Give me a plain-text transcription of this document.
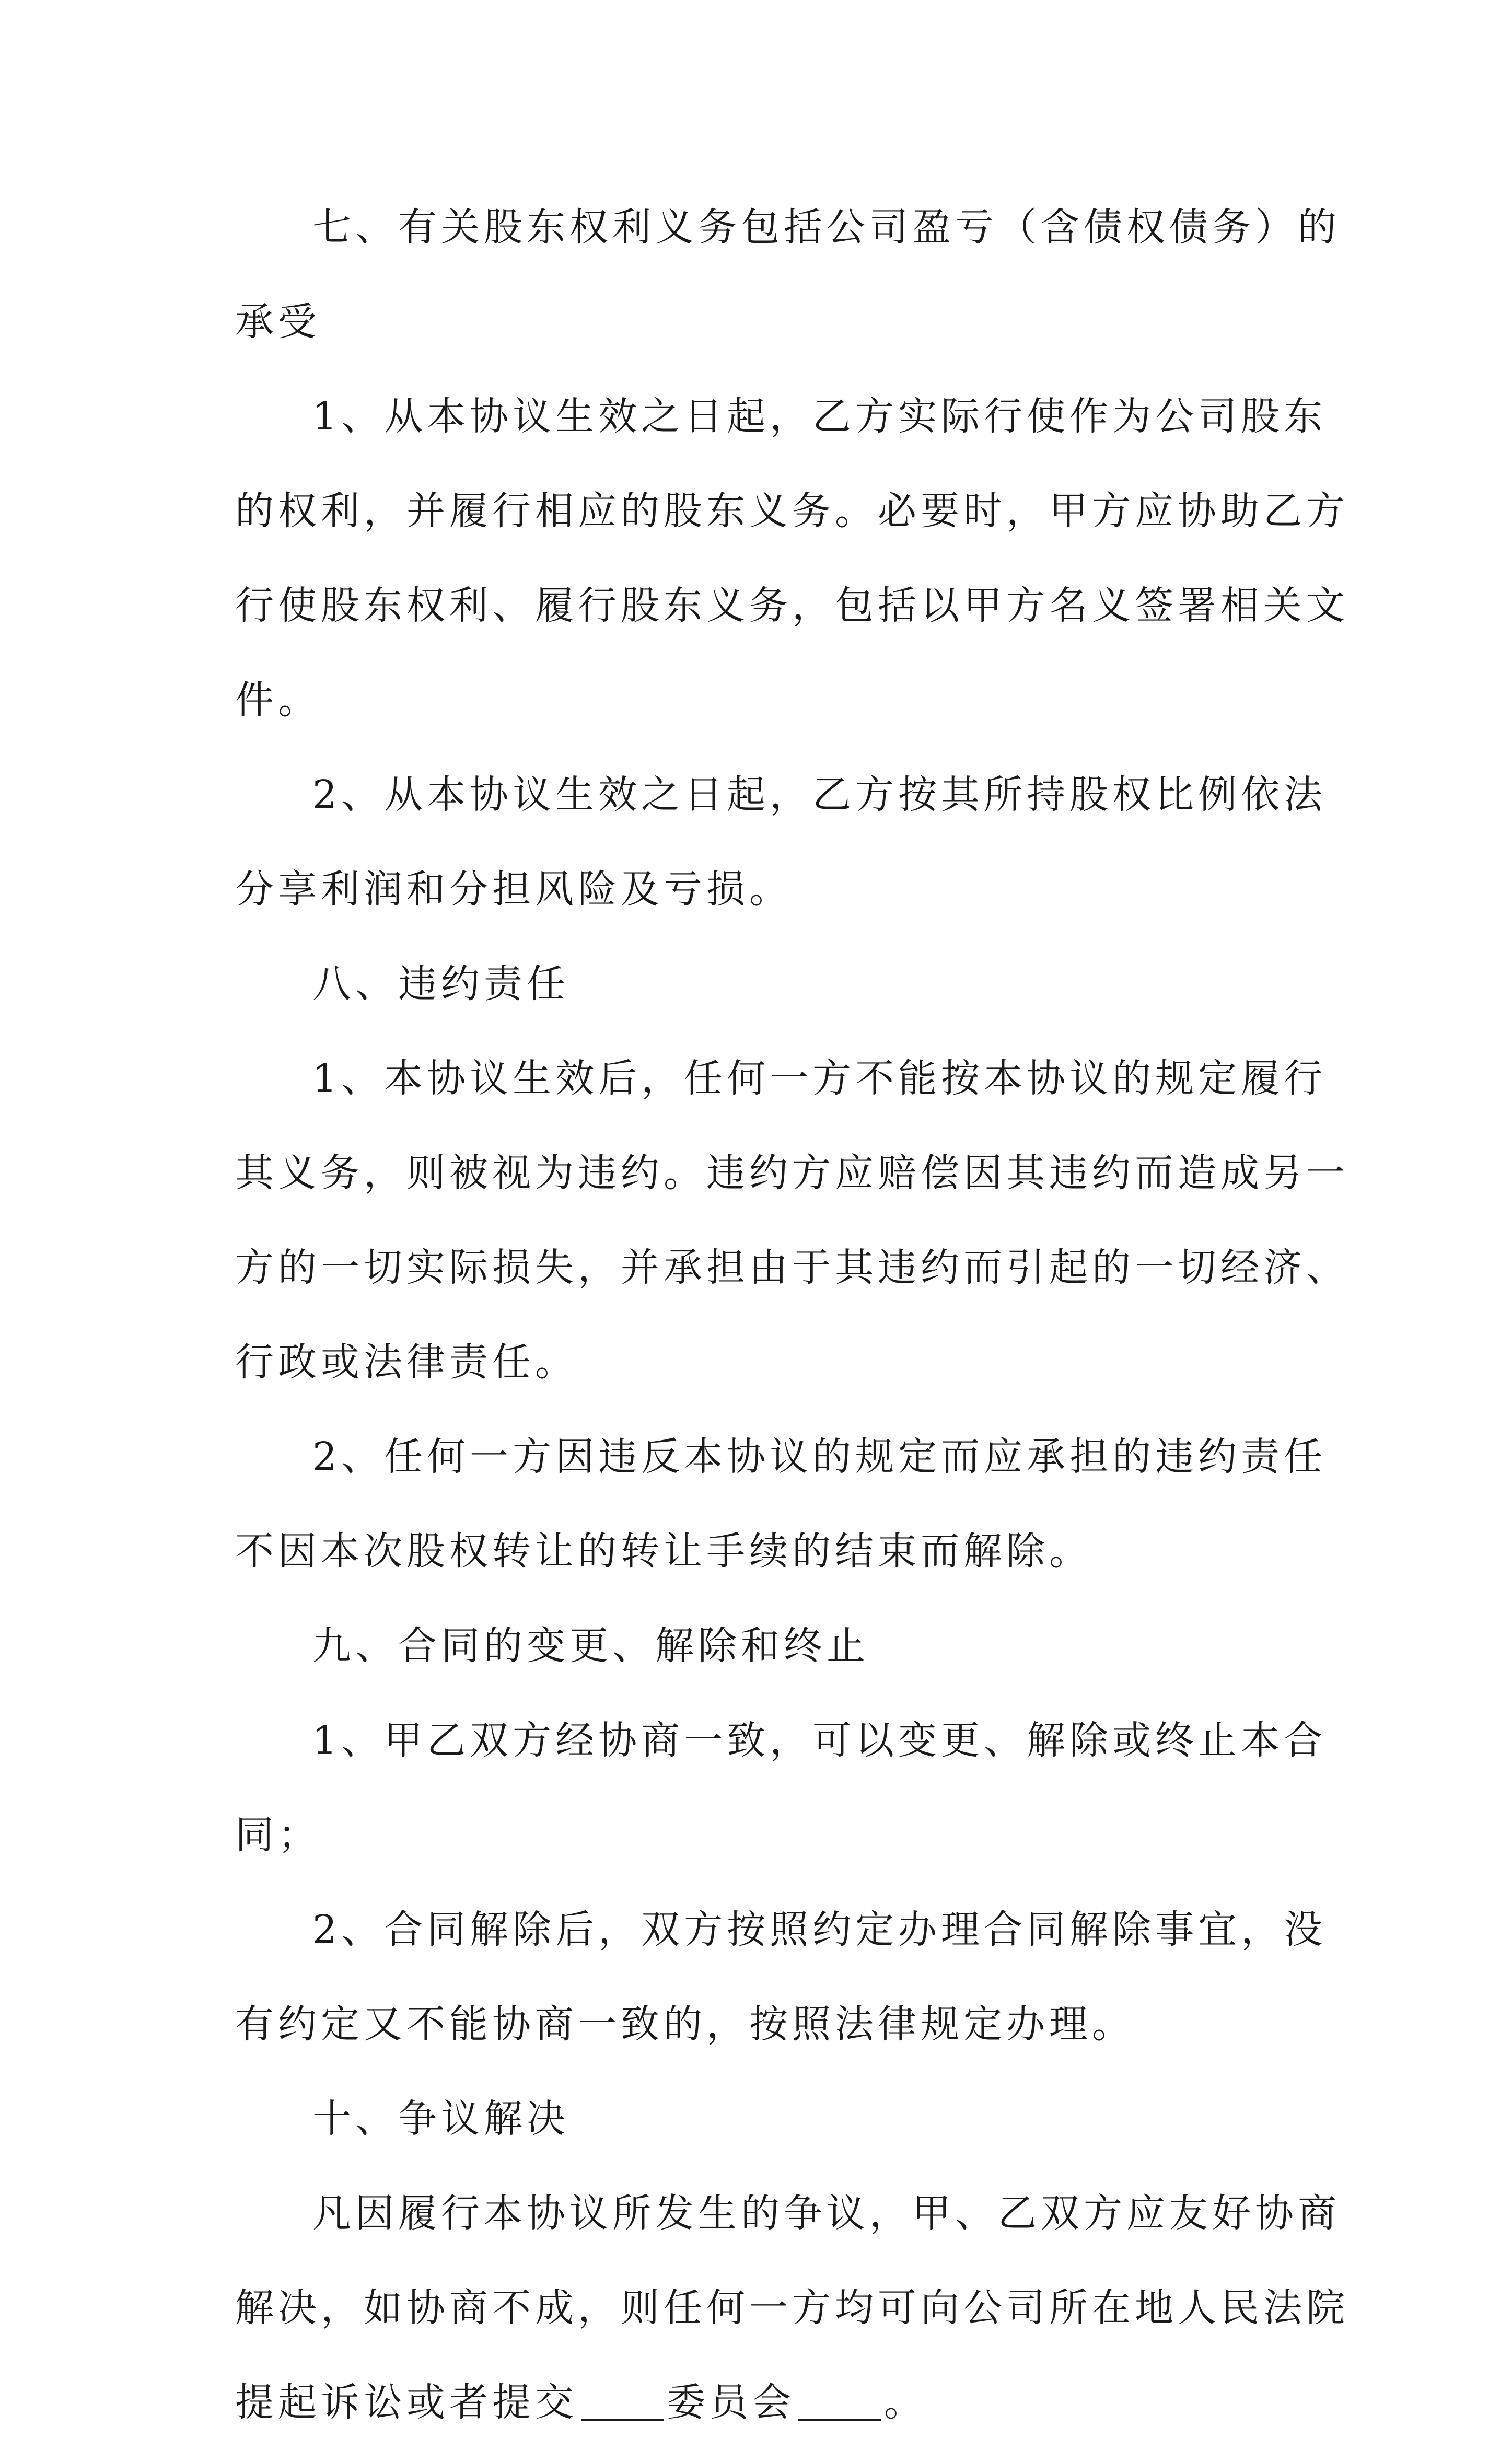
七、有关股东权利义务包括公司盈亏（含债权债务）的承受

1、从本协议生效之日起，乙方实际行使作为公司股东的权利，并履行相应的股东义务。必要时，甲方应协助乙方行使股东权利、履行股东义务，包括以甲方名义签署相关文件。

2、从本协议生效之日起，乙方按其所持股权比例依法分享利润和分担风险及亏损。

八、违约责任

1、本协议生效后，任何一方不能按本协议的规定履行其义务，则被视为违约。违约方应赔偿因其违约而造成另一方的一切实际损失，并承担由于其违约而引起的一切经济、行政或法律责任。

2、任何一方因违反本协议的规定而应承担的违约责任不因本次股权转让的转让手续的结束而解除。

九、合同的变更、解除和终止

1、甲乙双方经协商一致，可以变更、解除或终止本合同；

2、合同解除后，双方按照约定办理合同解除事宜，没有约定又不能协商一致的，按照法律规定办理。

十、争议解决

凡因履行本协议所发生的争议，甲、乙双方应友好协商解决，如协商不成，则任何一方均可向公司所在地人民法院提起诉讼或者提交 委员会 。
